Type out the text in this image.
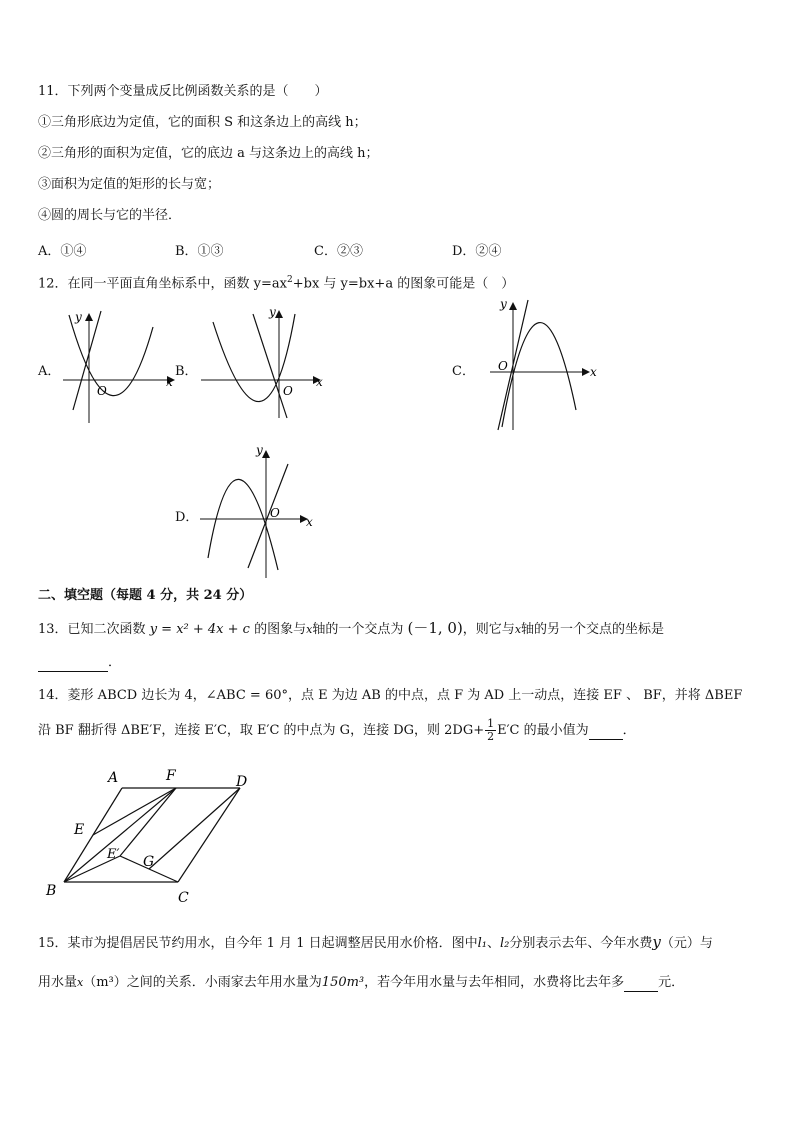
11．下列两个变量成反比例函数关系的是（　　）
①三角形底边为定值，它的面积 S 和这条边上的高线 h；
②三角形的面积为定值，它的底边 a 与这条边上的高线 h；
③面积为定值的矩形的长与宽；
④圆的周长与它的半径．
A．①④	B．①③	C．②③	D．②④
12．在同一平面直角坐标系中，函数 $y=ax^2+bx$ 与 y=bx+a 的图象可能是（　）
A．
y
x
O
B．
y
x
O
C．
y
x
O
D．
y
x
O
二、填空题（每题 4 分，共 24 分）
13．已知二次函数 y = x² + 4x + c 的图象与x轴的一个交点为 (－1, 0)，则它与x轴的另一个交点的坐标是
．
14．菱形 ABCD 边长为 4，∠ABC = 60°，点 E 为边 AB 的中点，点 F 为 AD 上一动点，连接 EF 、 BF，并将 ΔBEF
沿 BF 翻折得 ΔBE′F，连接 E′C，取 E′C 的中点为 G，连接 DG，则 $2DG+ \frac{1}{2} E'C$ 的最小值为	．
A	F	D
E
E′ G
B	C
15．某市为提倡居民节约用水，自今年 1 月 1 日起调整居民用水价格．图中l₁、l₂分别表示去年、今年水费y（元）与
用水量x（m³）之间的关系．小雨家去年用水量为150m³，若今年用水量与去年相同，水费将比去年多	元．
